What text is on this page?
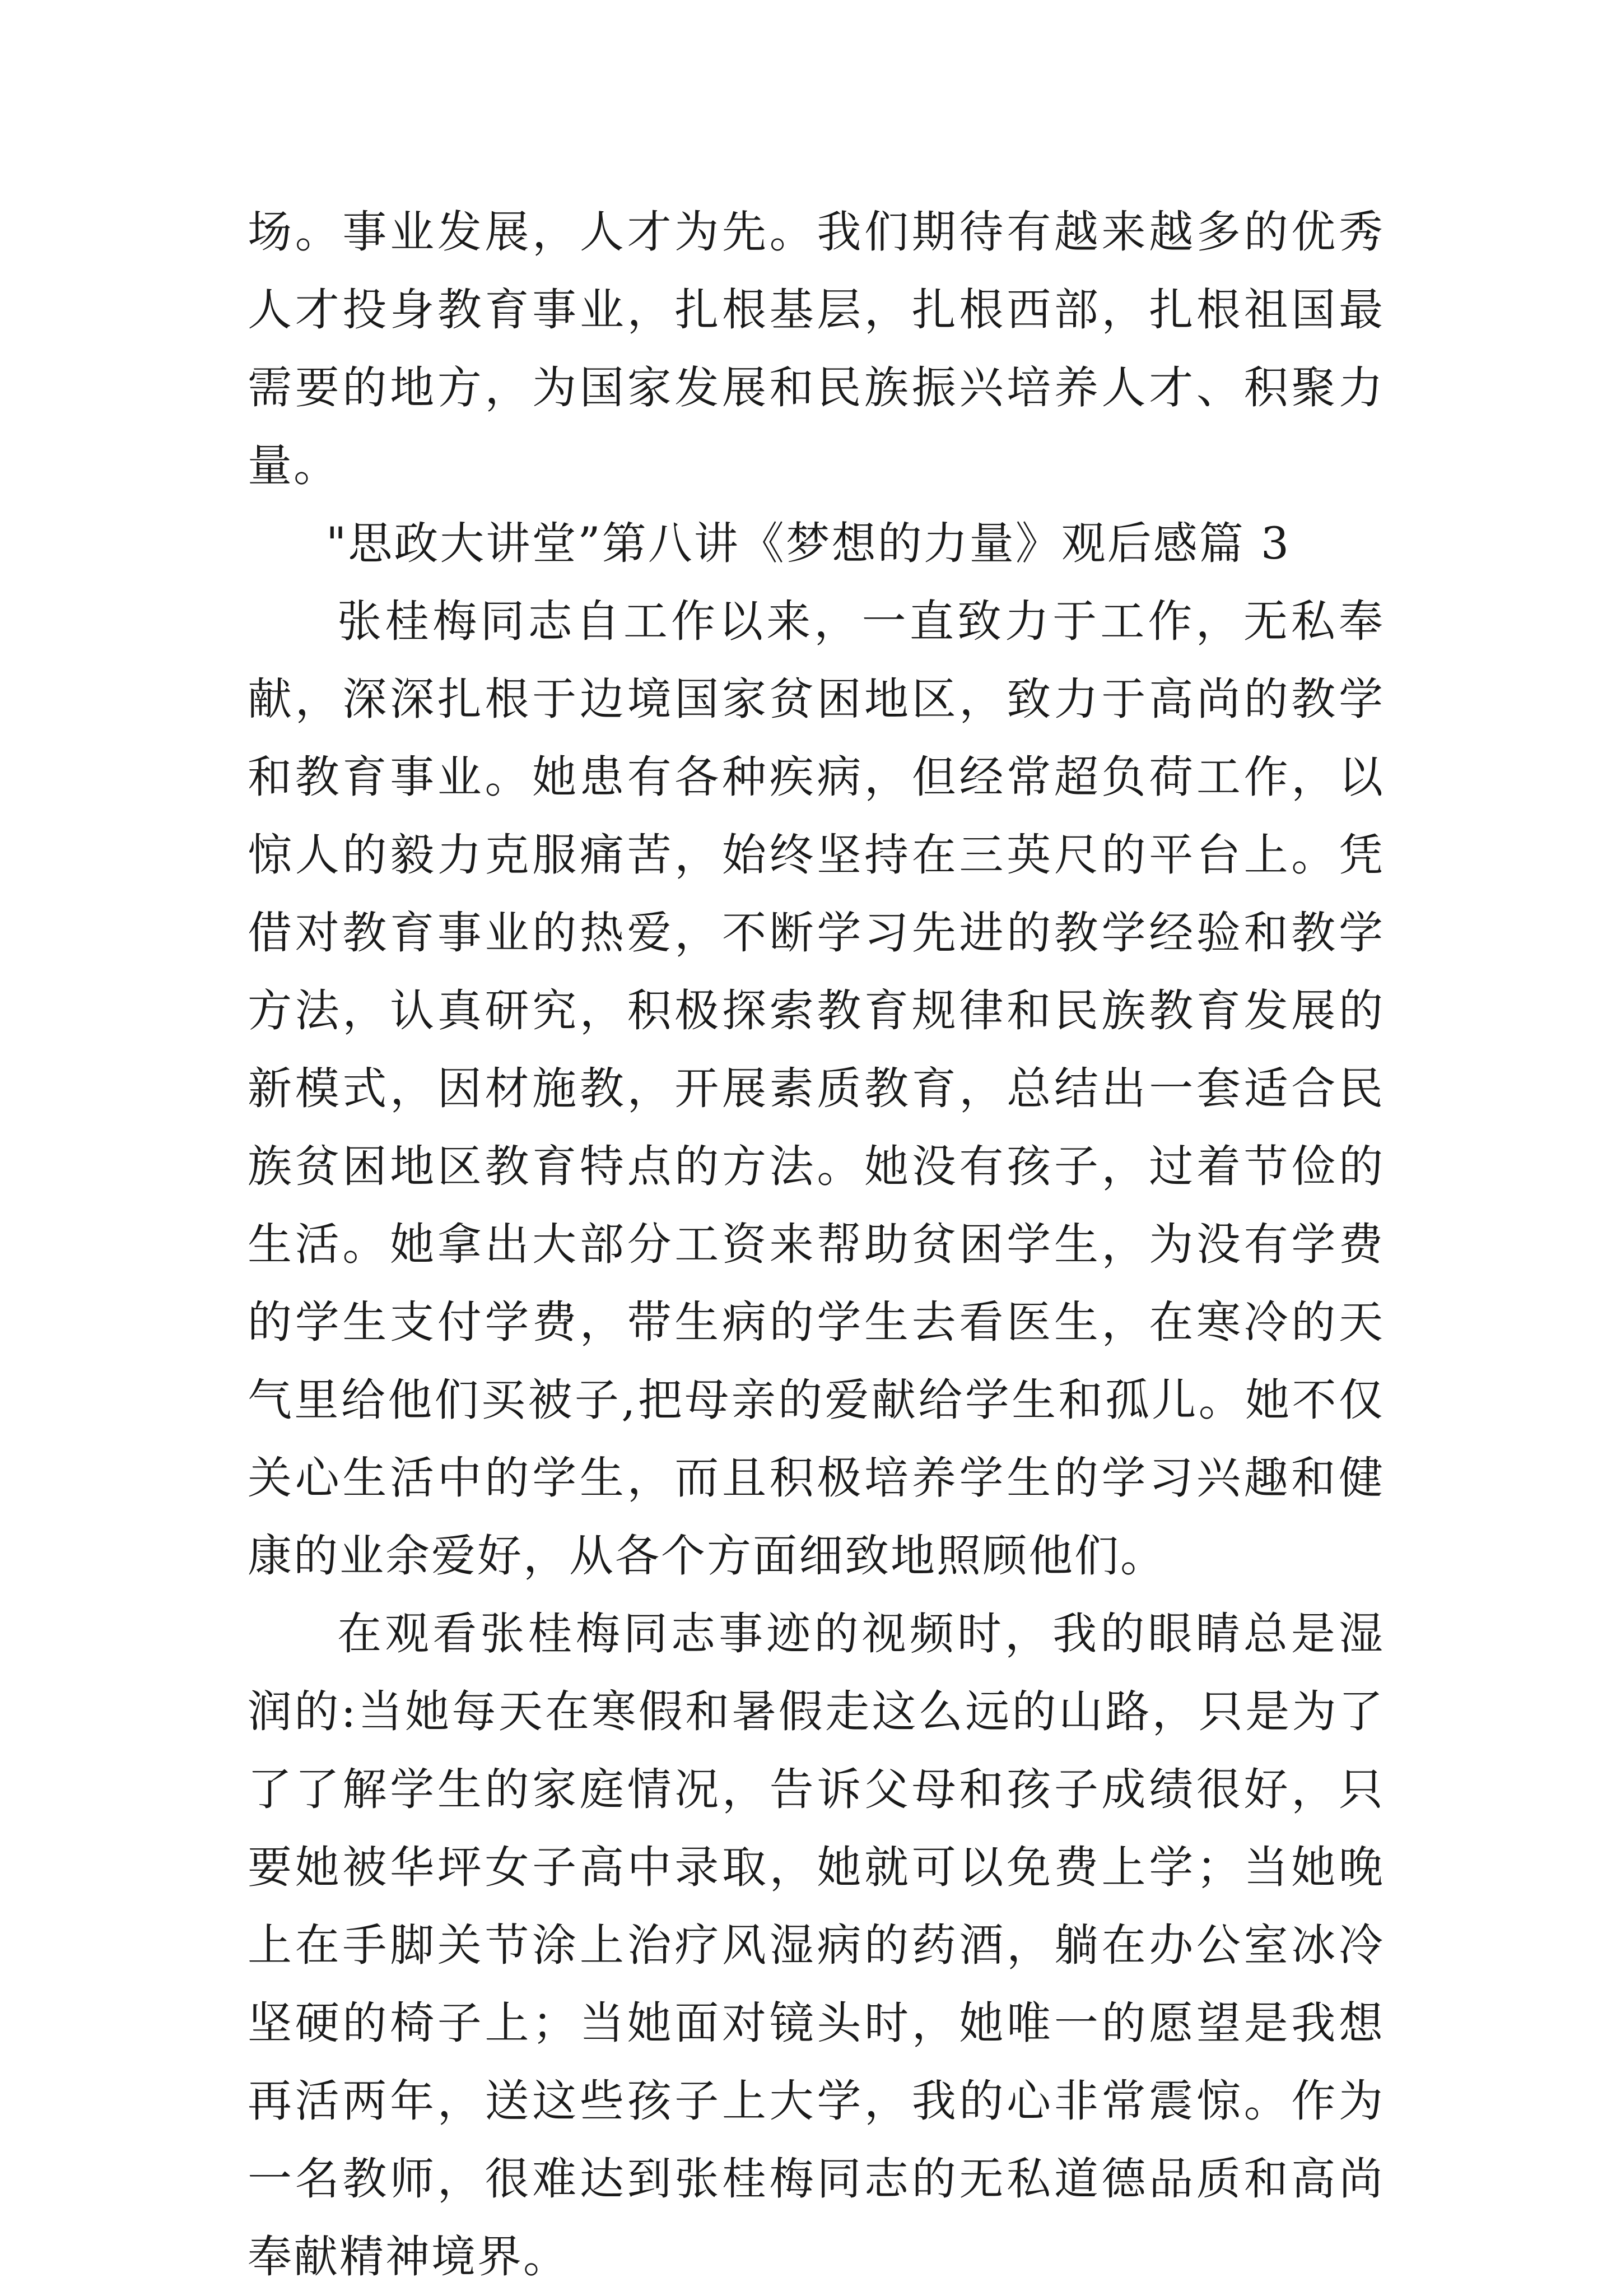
场。事业发展，人才为先。我们期待有越来越多的优秀人才投身教育事业，扎根基层，扎根西部，扎根祖国最需要的地方，为国家发展和民族振兴培养人才、积聚力量。

"思政大讲堂”第八讲《梦想的力量》观后感篇 3

张桂梅同志自工作以来，一直致力于工作，无私奉献，深深扎根于边境国家贫困地区，致力于高尚的教学和教育事业。她患有各种疾病，但经常超负荷工作，以惊人的毅力克服痛苦，始终坚持在三英尺的平台上。凭借对教育事业的热爱，不断学习先进的教学经验和教学方法，认真研究，积极探索教育规律和民族教育发展的新模式，因材施教，开展素质教育，总结出一套适合民族贫困地区教育特点的方法。她没有孩子，过着节俭的生活。她拿出大部分工资来帮助贫困学生，为没有学费的学生支付学费，带生病的学生去看医生，在寒冷的天气里给他们买被子,把母亲的爱献给学生和孤儿。她不仅关心生活中的学生，而且积极培养学生的学习兴趣和健康的业余爱好，从各个方面细致地照顾他们。

在观看张桂梅同志事迹的视频时，我的眼睛总是湿润的:当她每天在寒假和暑假走这么远的山路，只是为了了了解学生的家庭情况，告诉父母和孩子成绩很好，只要她被华坪女子高中录取，她就可以免费上学；当她晚上在手脚关节涂上治疗风湿病的药酒，躺在办公室冰冷坚硬的椅子上；当她面对镜头时，她唯一的愿望是我想再活两年，送这些孩子上大学，我的心非常震惊。作为一名教师，很难达到张桂梅同志的无私道德品质和高尚奉献精神境界。
